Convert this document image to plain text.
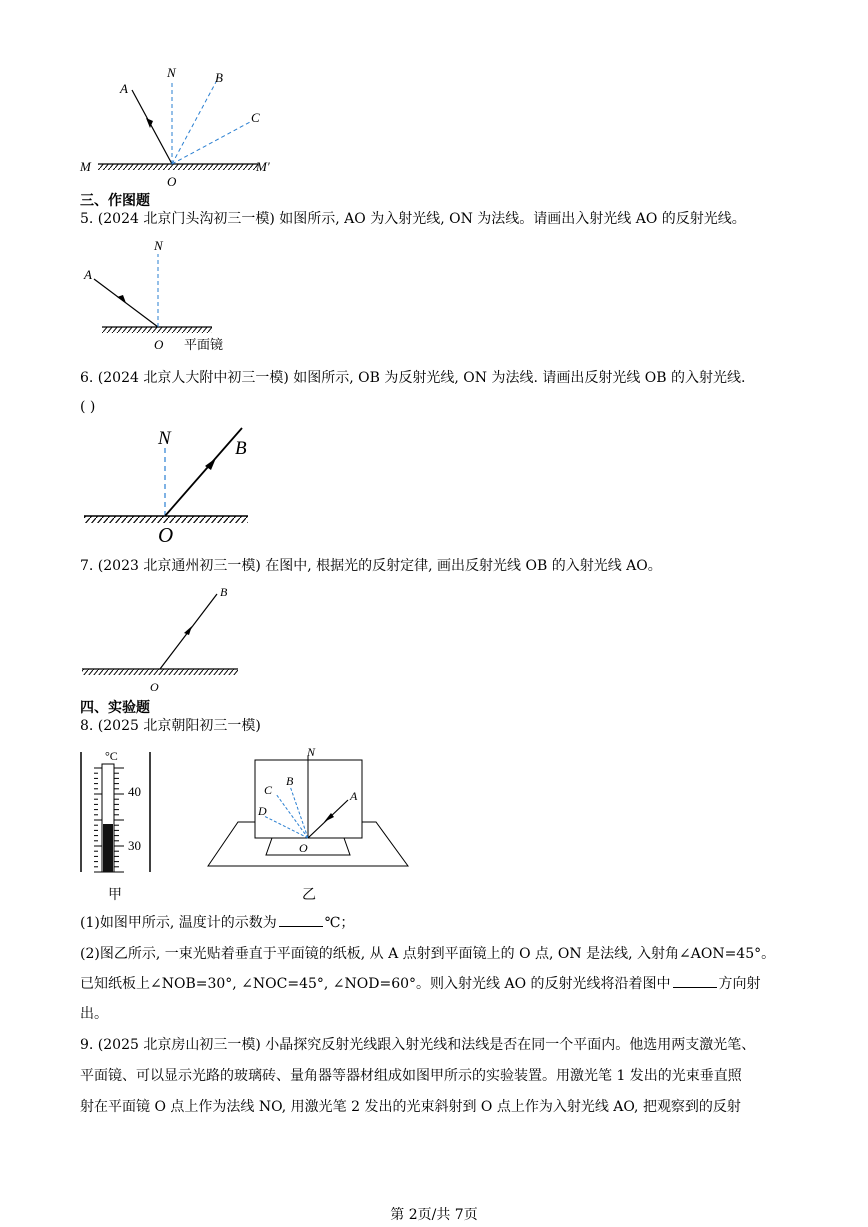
A
N	B
C
M	M′
O
三、作图题
5. (2024 北京门头沟初三一模) 如图所示, AO 为入射光线, ON 为法线。请画出入射光线 AO 的反射光线。
A
N
O 平面镜
6. (2024 北京人大附中初三一模) 如图所示, OB 为反射光线, ON 为法线. 请画出反射光线 OB 的入射光线.
( )
N	B
O
7. (2023 北京通州初三一模) 在图中, 根据光的反射定律, 画出反射光线 OB 的入射光线 AO。
B
O
四、实验题
8. (2025 北京朝阳初三一模)
°C
40
30
甲
N
A
B
C
D
O
乙
(1)如图甲所示, 温度计的示数为	℃；
(2)图乙所示, 一束光贴着垂直于平面镜的纸板, 从 A 点射到平面镜上的 O 点, ON 是法线, 入射角∠AON=45°。
已知纸板上∠NOB=30°, ∠NOC=45°, ∠NOD=60°。则入射光线 AO 的反射光线将沿着图中	方向射
出。
9. (2025 北京房山初三一模) 小晶探究反射光线跟入射光线和法线是否在同一个平面内。他选用两支激光笔、
平面镜、可以显示光路的玻璃砖、量角器等器材组成如图甲所示的实验装置。用激光笔 1 发出的光束垂直照
射在平面镜 O 点上作为法线 NO, 用激光笔 2 发出的光束斜射到 O 点上作为入射光线 AO, 把观察到的反射
第 2页/共 7页
